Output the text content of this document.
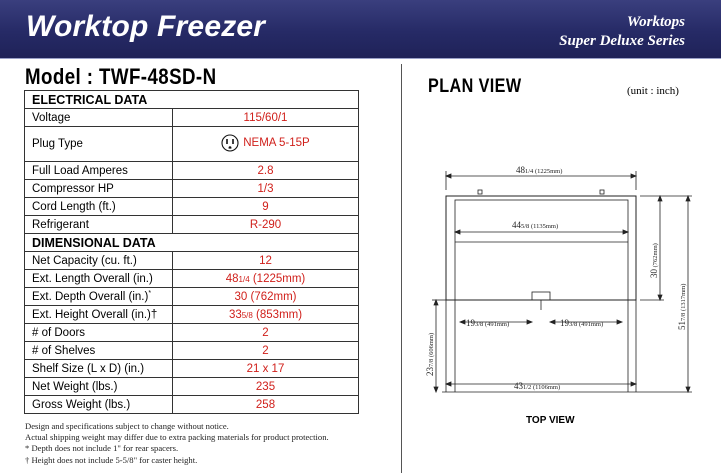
Worktop Freezer	Worktops
Super Deluxe Series
Model : TWF-48SD-N
ELECTRICAL DATA	
Voltage	115/60/1
Plug Type	NEMA 5-15P

Full Load Amperes	2.8
Compressor HP	1/3
Cord Length (ft.)	9
Refrigerant	R-290
DIMENSIONAL DATA	
Net Capacity (cu. ft.)	12
Ext. Length Overall (in.)	481/4 (1225mm)
Ext. Depth Overall (in.)*	30 (762mm)
Ext. Height Overall (in.)†	335/8 (853mm)
# of Doors	2
# of Shelves	2
Shelf Size (L x D) (in.)	21 x 17
Net Weight (lbs.)	235
Gross Weight (lbs.)	258
Design and specifications subject to change without notice.
Actual shipping weight may differ due to extra packing materials for product protection.
* Depth does not include 1" for rear spacers.
† Height does not include 5-5/8" for caster height.
PLAN VIEW	(unit : inch)
481/4 (1225mm)
445/8 (1135mm)
193/8 (491mm)	193/8 (491mm)
431/2 (1106mm)
30 (762mm)
517/8 (1317mm)
237/8 (606mm)
TOP VIEW
